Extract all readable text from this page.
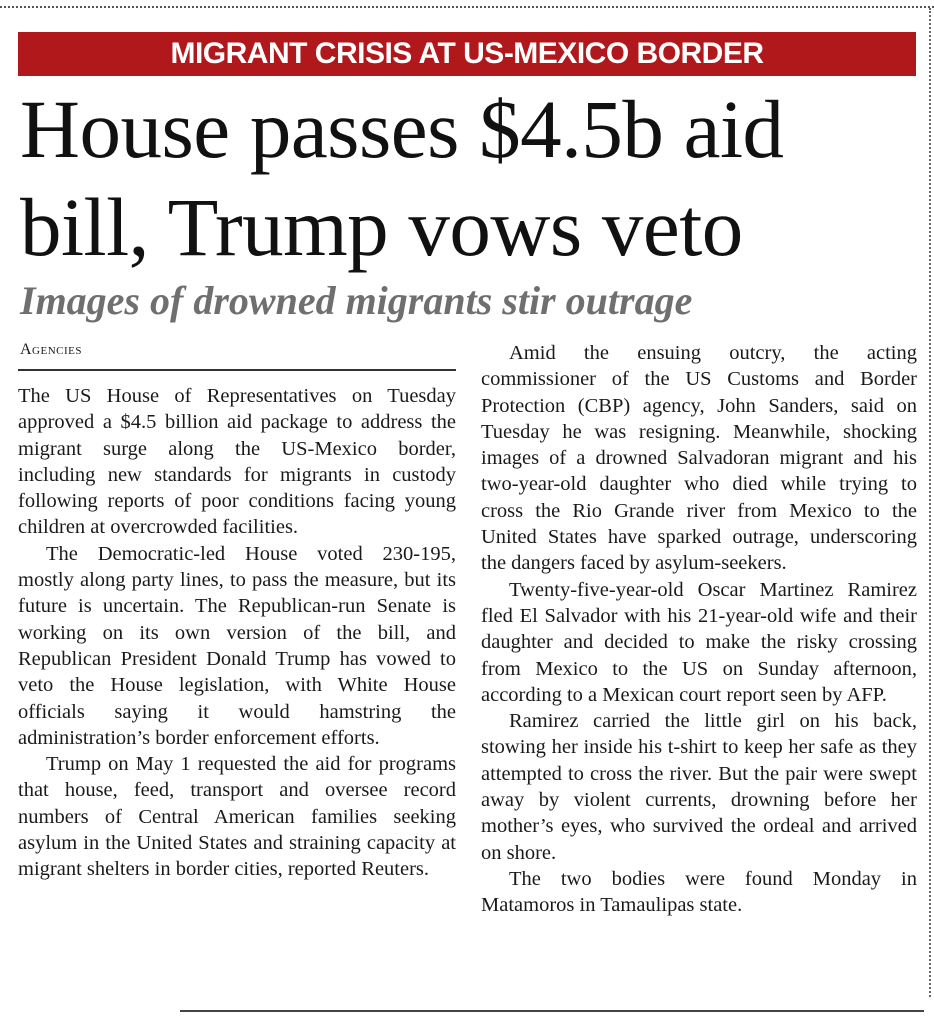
MIGRANT CRISIS AT US-MEXICO BORDER
House passes $4.5b aid bill, Trump vows veto
Images of drowned migrants stir outrage
Agencies

The US House of Representatives on Tuesday approved a $4.5 billion aid package to address the migrant surge along the US-Mexico border, including new standards for migrants in custody following reports of poor conditions facing young children at overcrowded facilities.

The Democratic-led House voted 230-195, mostly along party lines, to pass the measure, but its future is uncertain. The Republican-run Senate is working on its own version of the bill, and Republican President Donald Trump has vowed to veto the House legislation, with White House officials saying it would hamstring the administration’s border enforcement efforts.

Trump on May 1 requested the aid for programs that house, feed, transport and oversee record numbers of Central American families seeking asylum in the United States and straining capacity at migrant shelters in border cities, reported Reuters.

Amid the ensuing outcry, the acting commissioner of the US Customs and Border Protection (CBP) agency, John Sanders, said on Tuesday he was resigning. Meanwhile, shocking images of a drowned Salvadoran migrant and his two-year-old daughter who died while trying to cross the Rio Grande river from Mexico to the United States have sparked outrage, underscoring the dangers faced by asylum-seekers.

Twenty-five-year-old Oscar Martinez Ramirez fled El Salvador with his 21-year-old wife and their daughter and decided to make the risky crossing from Mexico to the US on Sunday afternoon, according to a Mexican court report seen by AFP.

Ramirez carried the little girl on his back, stowing her inside his t-shirt to keep her safe as they attempted to cross the river. But the pair were swept away by violent currents, drowning before her mother’s eyes, who survived the ordeal and arrived on shore.

The two bodies were found Monday in Matamoros in Tamaulipas state.
